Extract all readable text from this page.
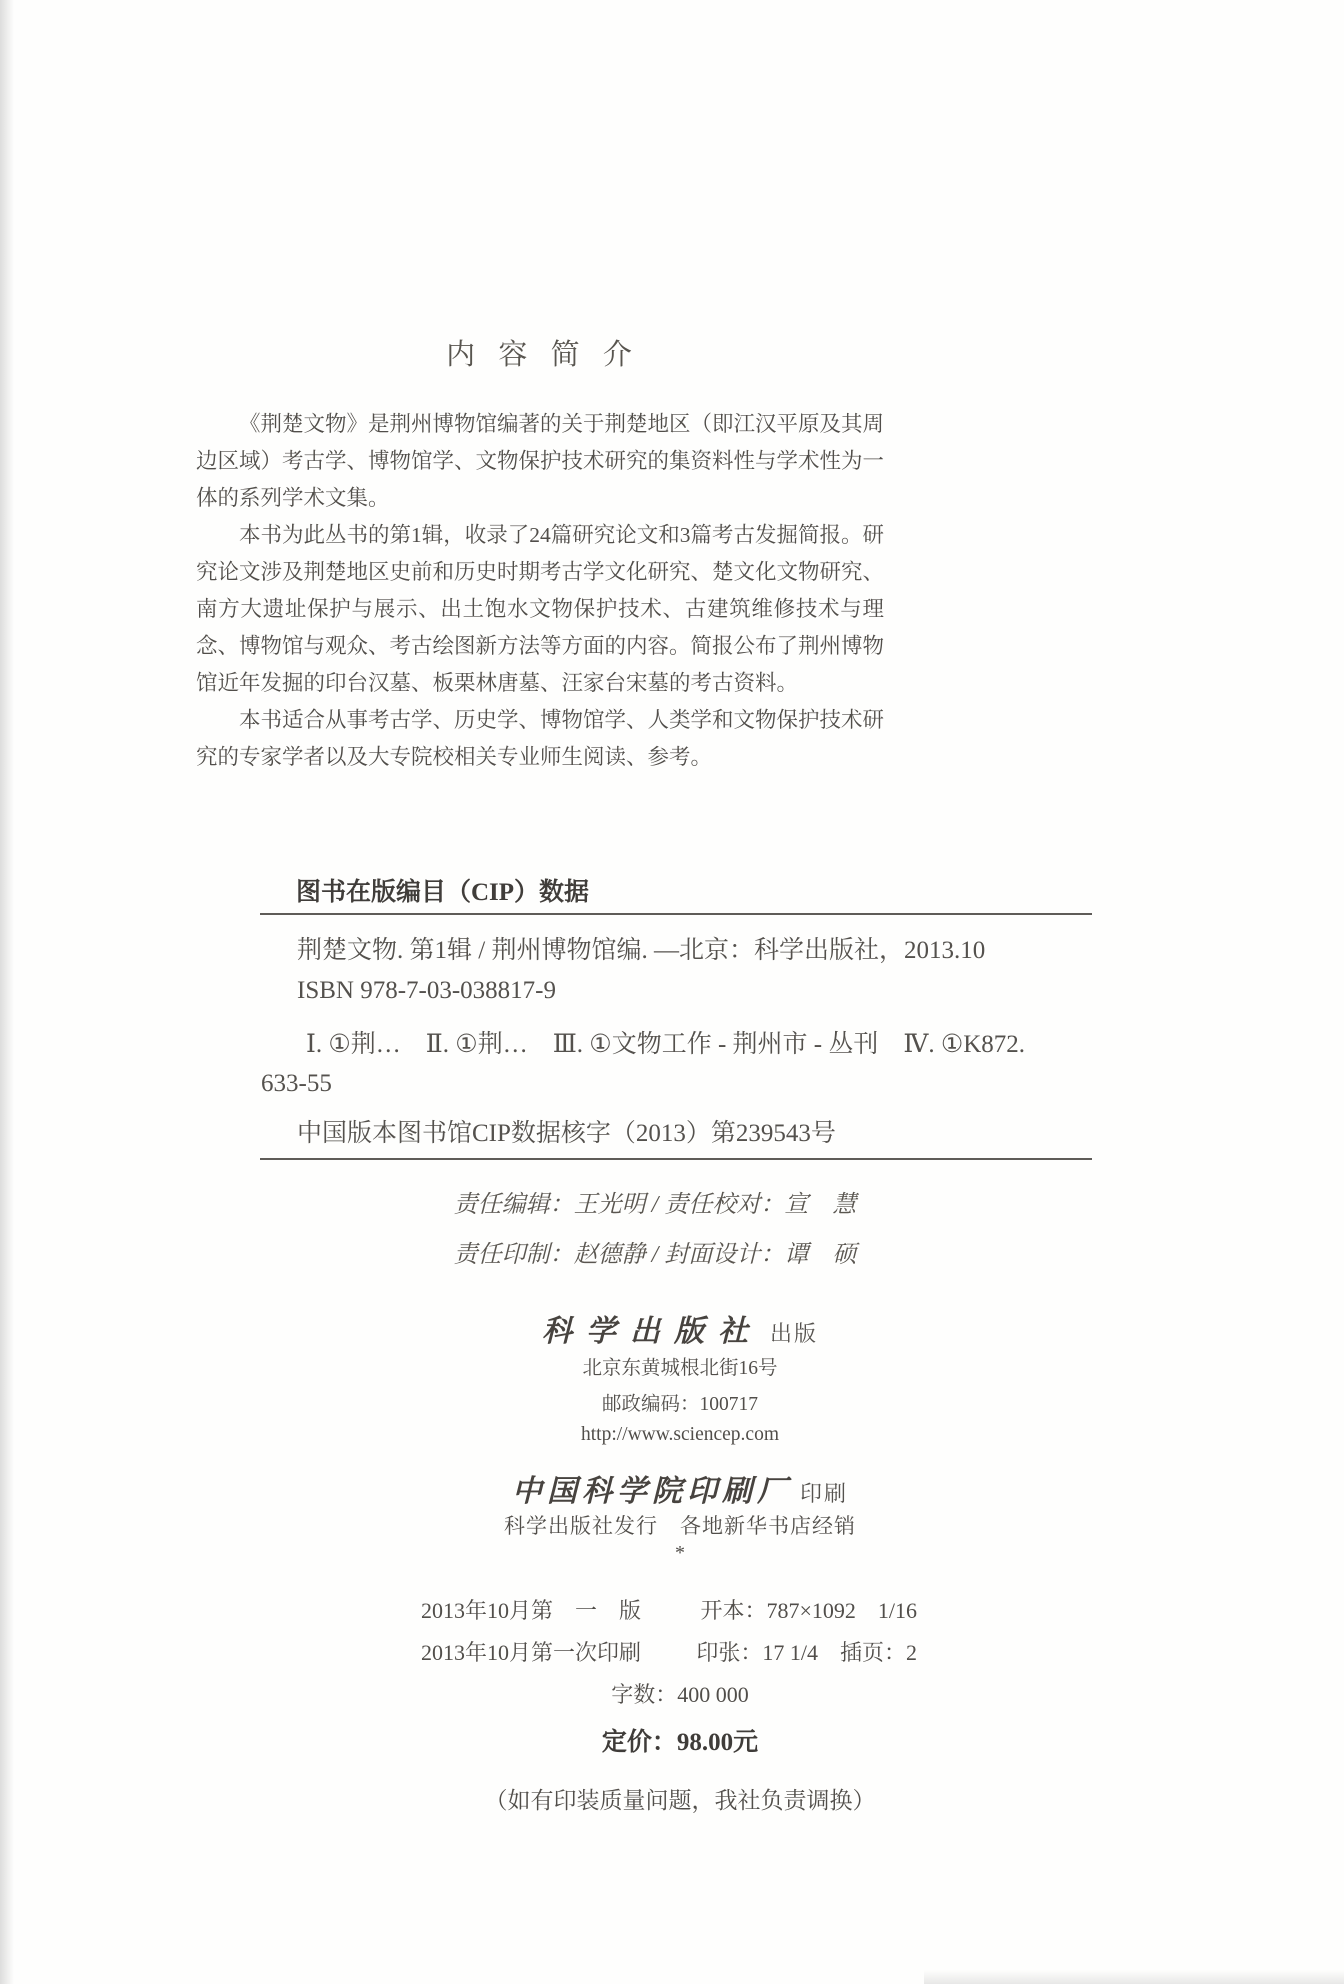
内 容 简 介

《荆楚文物》是荆州博物馆编著的关于荆楚地区（即江汉平原及其周边区域）考古学、博物馆学、文物保护技术研究的集资料性与学术性为一体的系列学术文集。

本书为此丛书的第1辑，收录了24篇研究论文和3篇考古发掘简报。研究论文涉及荆楚地区史前和历史时期考古学文化研究、楚文化文物研究、南方大遗址保护与展示、出土饱水文物保护技术、古建筑维修技术与理念、博物馆与观众、考古绘图新方法等方面的内容。简报公布了荆州博物馆近年发掘的印台汉墓、板栗林唐墓、汪家台宋墓的考古资料。

本书适合从事考古学、历史学、博物馆学、人类学和文物保护技术研究的专家学者以及大专院校相关专业师生阅读、参考。

图书在版编目（CIP）数据
荆楚文物. 第1辑 / 荆州博物馆编. —北京：科学出版社，2013.10
ISBN 978-7-03-038817-9
Ⅰ. ①荆…　Ⅱ. ①荆…　Ⅲ. ①文物工作 - 荆州市 - 丛刊　Ⅳ. ①K872.
633-55
中国版本图书馆CIP数据核字（2013）第239543号
责任编辑：王光明 / 责任校对：宣　慧
责任印制：赵德静 / 封面设计：谭　硕
科学出版社 出版
北京东黄城根北街16号
邮政编码：100717
http://www.sciencep.com
中国科学院印刷厂 印刷
科学出版社发行　各地新华书店经销
*
2013年10月第　一　版	开本：787×1092　1/16
2013年10月第一次印刷	印张：17 1/4　插页：2
字数：400 000
定价：98.00元
（如有印装质量问题，我社负责调换）
